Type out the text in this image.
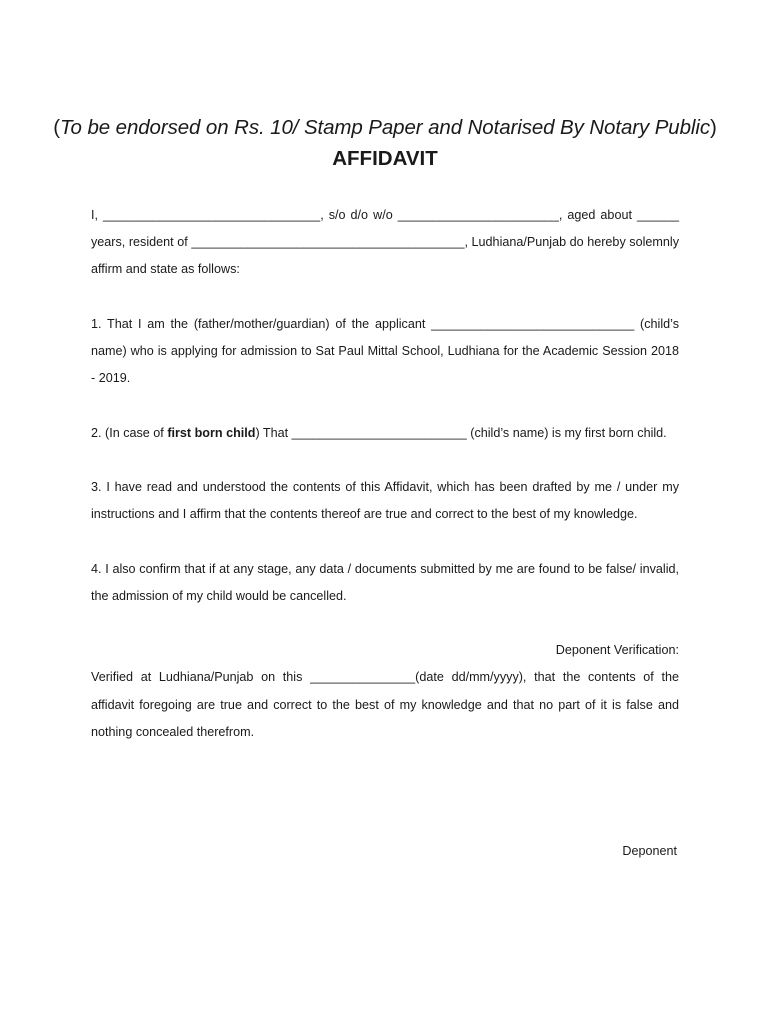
(To be endorsed on Rs. 10/ Stamp Paper and Notarised By Notary Public)
AFFIDAVIT

I, _______________________________, s/o d/o w/o _______________________, aged about ______ years, resident of _______________________________________, Ludhiana/Punjab do hereby solemnly affirm and state as follows:

1. That I am the (father/mother/guardian) of the applicant _____________________________ (child’s name) who is applying for admission to Sat Paul Mittal School, Ludhiana for the Academic Session 2018 - 2019.

2. (In case of first born child) That _________________________ (child’s name) is my first born child.

3. I have read and understood the contents of this Affidavit, which has been drafted by me / under my instructions and I affirm that the contents thereof are true and correct to the best of my knowledge.

4. I also confirm that if at any stage, any data / documents submitted by me are found to be false/ invalid, the admission of my child would be cancelled.

Deponent Verification:

Verified at Ludhiana/Punjab on this _______________(date dd/mm/yyyy), that the contents of the affidavit foregoing are true and correct to the best of my knowledge and that no part of it is false and nothing concealed therefrom.

Deponent
